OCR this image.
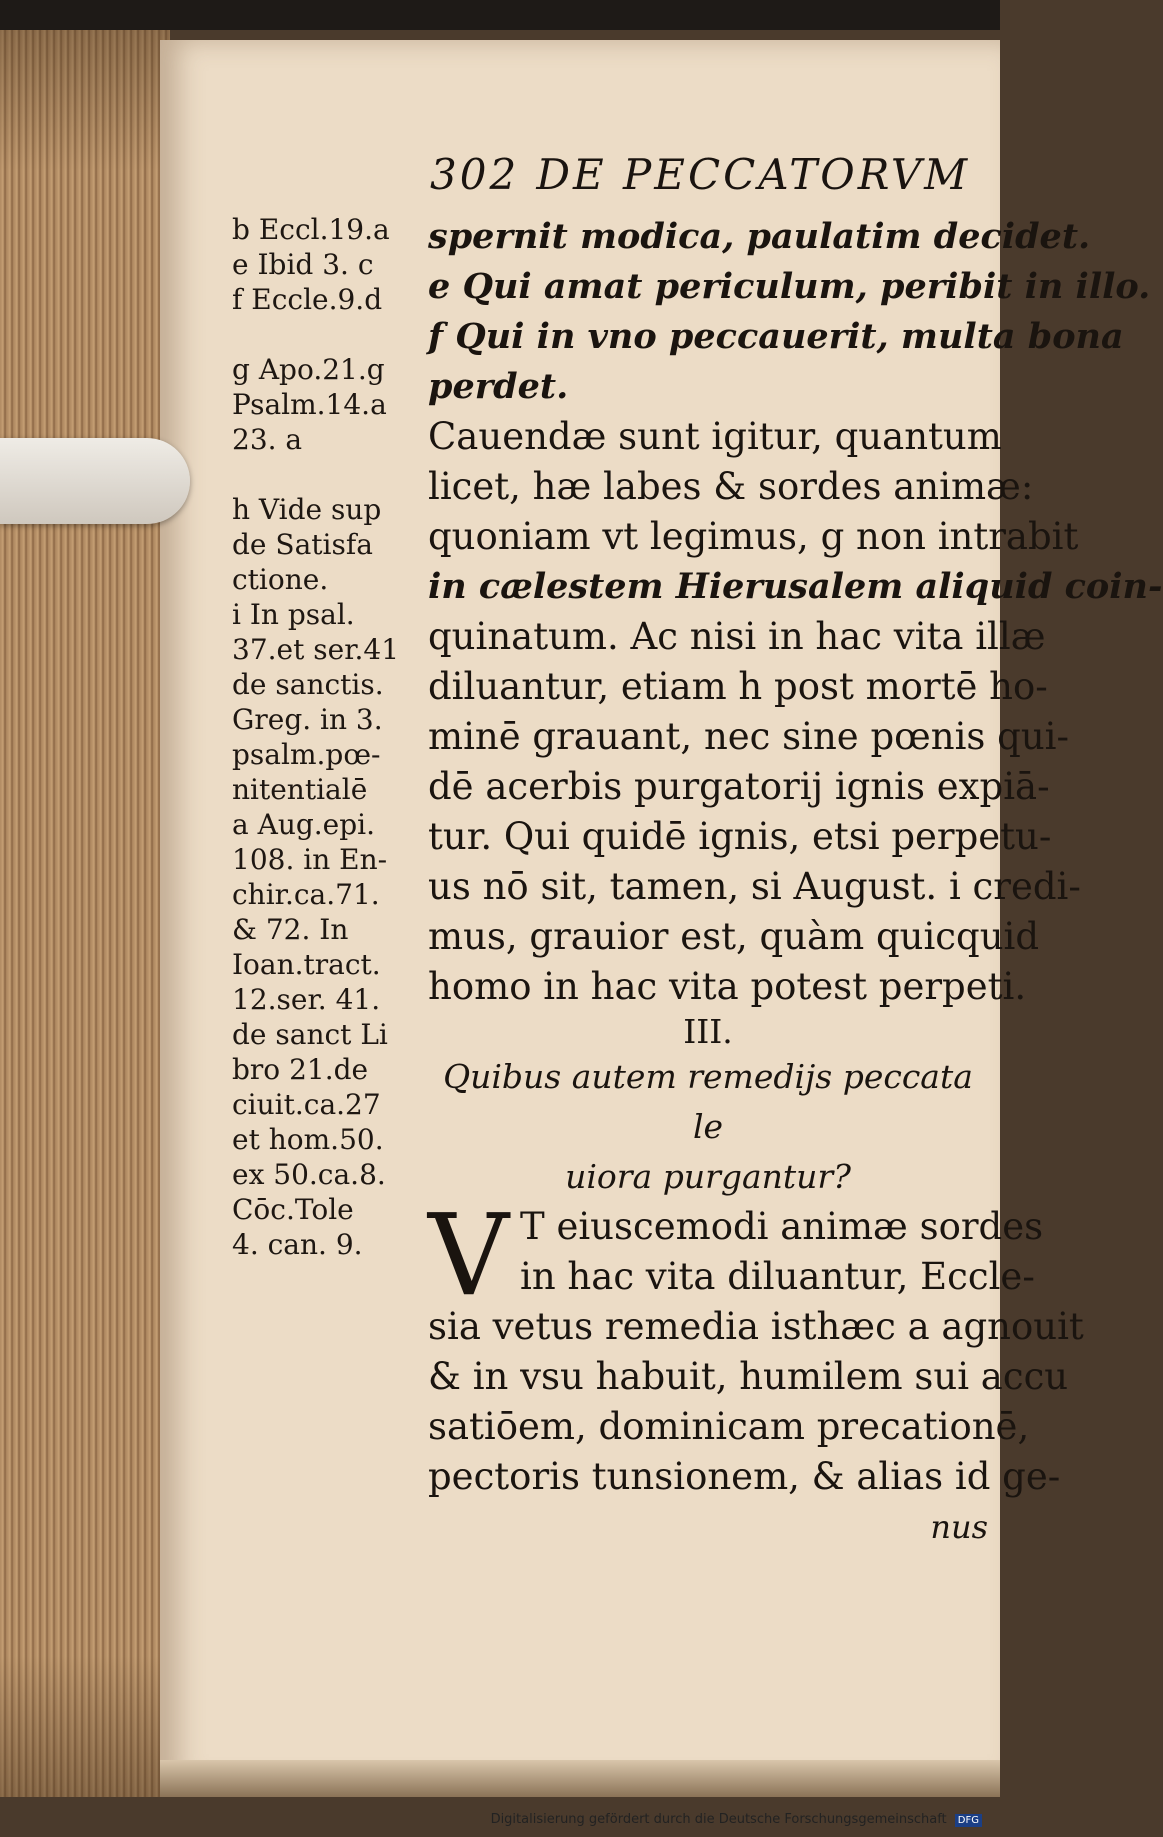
302 DE PECCATORVM
b Eccl.19.a
e Ibid 3. c
f Eccle.9.d
g Apo.21.g
Psalm.14.a
23. a
h Vide sup
de Satisfa
ctione.
i In psal.
37.et ser.41
de sanctis.
Greg. in 3.
psalm.pœ-
nitentialē
a Aug.epi.
108. in En-
chir.ca.71.
& 72. In
Ioan.tract.
12.ser. 41.
de sanct Li
bro 21.de
ciuit.ca.27
et hom.50.
ex 50.ca.8.
Cōc.Tole
4. can. 9.
spernit modica, paulatim decidet.
e Qui amat periculum, peribit in illo.
f Qui in vno peccauerit, multa bona
perdet.
Cauendæ sunt igitur, quantum
licet, hæ labes & sordes animæ:
quoniam vt legimus, g non intrabit
in cælestem Hierusalem aliquid coin-
quinatum. Ac nisi in hac vita illæ
diluantur, etiam h post mortē ho-
minē grauant, nec sine pœnis qui-
dē acerbis purgatorij ignis expiā-
tur. Qui quidē ignis, etsi perpetu-
us nō sit, tamen, si August. i credi-
mus, grauior est, quàm quicquid
homo in hac vita potest perpeti.
III.
Quibus autem remedijs peccata le
uiora purgantur?
V T eiuscemodi animæ sordes
in hac vita diluantur, Eccle-
sia vetus remedia isthæc a agnouit
& in vsu habuit, humilem sui accu
satiōem, dominicam precationē,
pectoris tunsionem, & alias id ge-
nus
Digitalisierung gefördert durch die Deutsche Forschungsgemeinschaft DFG
